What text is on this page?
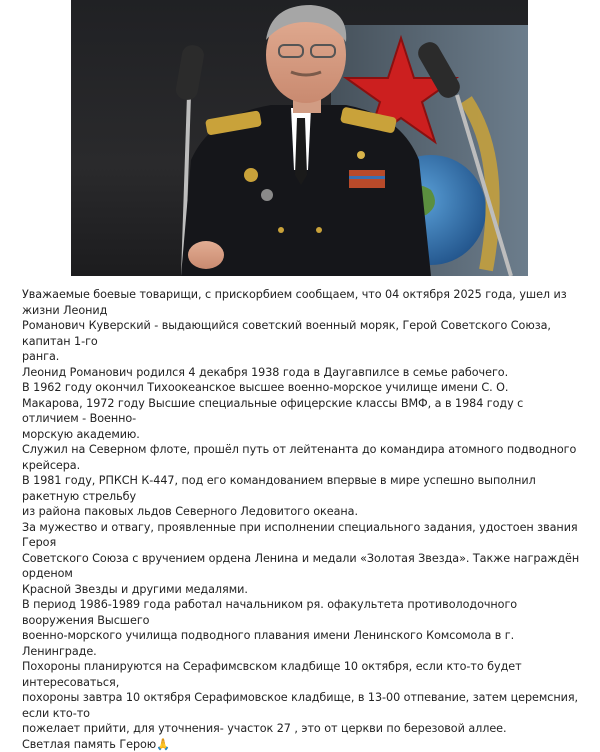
Уважаемые боевые товарищи, с прискорбием сообщаем, что 04 октября 2025 года, ушел из жизни Леонид

Романович Куверский - выдающийся советский военный моряк, Герой Советского Союза, капитан 1-го

ранга.

Леонид Романович родился 4 декабря 1938 года в Даугавпилсе в семье рабочего.

В 1962 году окончил Тихоокеанское высшее военно-морское училище имени С. О.

Макарова, 1972 году Высшие специальные офицерские классы ВМФ, а в 1984 году с отличием - Военно-

морскую академию.

Служил на Северном флоте, прошёл путь от лейтенанта до командира атомного подводного крейсера.

В 1981 году, РПКСН К-447, под его командованием впервые в мире успешно выполнил ракетную стрельбу

из района паковых льдов Северного Ледовитого океана.

За мужество и отвагу, проявленные при исполнении специального задания, удостоен звания Героя

Советского Союза с вручением ордена Ленина и медали «Золотая Звезда». Также награждён орденом

Красной Звезды и другими медалями.

В период 1986-1989 года работал начальником ря. офакультета противолодочного вооружения Высшего

военно-морского училища подводного плавания имени Ленинского Комсомола в г. Ленинграде.

Похороны планируются на Серафимсвском кладбище 10 октября, если кто-то будет интересоваться,

похороны завтра 10 октября Серафимовское кладбище, в 13-00 отпевание, затем церемсния, если кто-то

пожелает прийти, для уточнения- участок 27 , это от церкви по березовой аллее.

Светлая память Герою🙏
